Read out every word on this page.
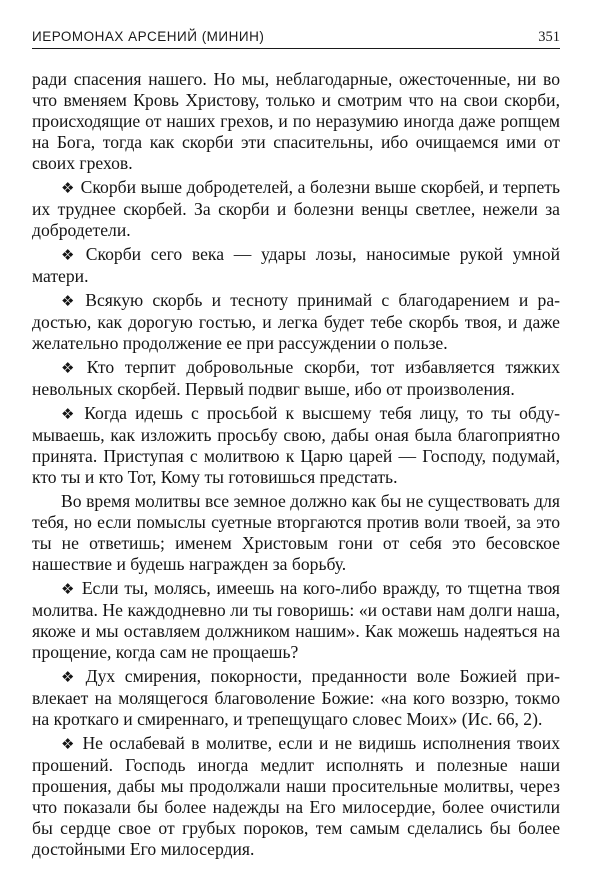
ИЕРОМОНАХ АРСЕНИЙ (МИНИН)	351

ради спасения нашего. Но мы, неблагодарные, ожесточенные, ни во что вменяем Кровь Христову, только и смотрим что на свои скорби, происходящие от наших грехов, и по неразумию иногда даже ропщем на Бога, тогда как скорби эти спасительны, ибо очищаемся ими от своих грехов.

❖ Скорби выше добродетелей, а болезни выше скорбей, и терпеть их труднее скорбей. За скорби и болезни венцы светлее, нежели за добродетели.

❖ Скорби сего века — удары лозы, наносимые рукой умной матери.

❖ Всякую скорбь и тесноту принимай с благодарением и радостью, как дорогую гостью, и легка будет тебе скорбь твоя, и даже желательно продолжение ее при рассуждении о пользе.

❖ Кто терпит добровольные скорби, тот избавляется тяжких невольных скорбей. Первый подвиг выше, ибо от произволения.

❖ Когда идешь с просьбой к высшему тебя лицу, то ты обдумываешь, как изложить просьбу свою, дабы оная была благоприятно принята. Приступая с молитвою к Царю царей — Господу, подумай, кто ты и кто Тот, Кому ты готовишься предстать.

Во время молитвы все земное должно как бы не существовать для тебя, но если помыслы суетные вторгаются против воли твоей, за это ты не ответишь; именем Христовым гони от себя это бесовское нашествие и будешь награжден за борьбу.

❖ Если ты, молясь, имеешь на кого-либо вражду, то тщетна твоя молитва. Не каждодневно ли ты говоришь: «и остави нам долги наша, якоже и мы оставляем должником нашим». Как можешь надеяться на прощение, когда сам не прощаешь?

❖ Дух смирения, покорности, преданности воле Божией привлекает на молящегося благоволение Божие: «на кого воззрю, токмо на кроткаго и смиреннаго, и трепещущаго словес Моих» (Ис. 66, 2).

❖ Не ослабевай в молитве, если и не видишь исполнения твоих прошений. Господь иногда медлит исполнять и полезные наши прошения, дабы мы продолжали наши просительные молитвы, через что показали бы более надежды на Его милосердие, более очистили бы сердце свое от грубых пороков, тем самым сделались бы более достойными Его милосердия.
